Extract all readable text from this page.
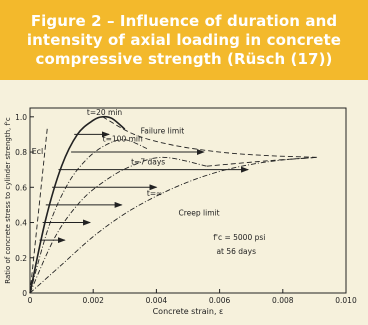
Figure 2 – Influence of duration and intensity of axial loading in concrete compressive strength (Rüsch (17))
0	0.002	0.004	0.006	0.008	0.010
0
0.2
0.4
0.6
0.8
1.0
Concrete strain, ε
Ratio of concrete stress to cylinder strength, f'c
t=20 min
t=100 min
t=7 days
t=∞
Failure limit
Creep limit
Ecl
f'c = 5000 psi
at 56 days
